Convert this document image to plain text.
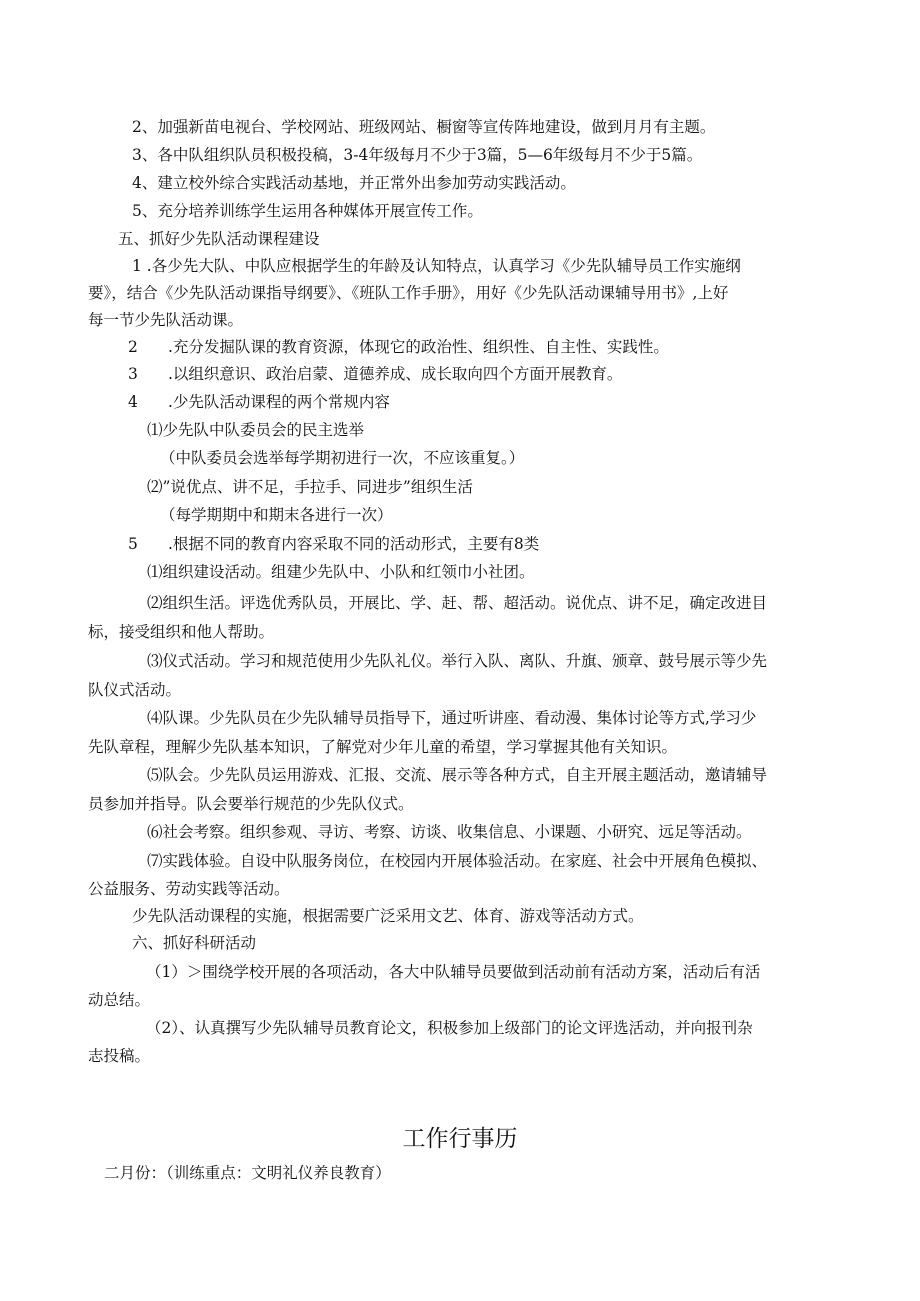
2、加强新苗电视台、学校网站、班级网站、橱窗等宣传阵地建设，做到月月有主题。

3、各中队组织队员积极投稿，3-4年级每月不少于3篇，5—6年级每月不少于5篇。

4、建立校外综合实践活动基地，并正常外出参加劳动实践活动。

5、充分培养训练学生运用各种媒体开展宣传工作。

五、抓好少先队活动课程建设

1 .各少先大队、中队应根据学生的年龄及认知特点，认真学习《少先队辅导员工作实施纲

要》，结合《少先队活动课指导纲要》、《班队工作手册》，用好《少先队活动课辅导用书》,上好

每一节少先队活动课。

2 .充分发掘队课的教育资源，体现它的政治性、组织性、自主性、实践性。

3 .以组织意识、政治启蒙、道德养成、成长取向四个方面开展教育。

4 .少先队活动课程的两个常规内容

⑴少先队中队委员会的民主选举

（中队委员会选举每学期初进行一次，不应该重复。）

⑵”说优点、讲不足，手拉手、同进步”组织生活

（每学期期中和期末各进行一次）

5 .根据不同的教育内容采取不同的活动形式，主要有8类

⑴组织建设活动。组建少先队中、小队和红领巾小社团。

⑵组织生活。评选优秀队员，开展比、学、赶、帮、超活动。说优点、讲不足，确定改进目

标，接受组织和他人帮助。

⑶仪式活动。学习和规范使用少先队礼仪。举行入队、离队、升旗、颁章、鼓号展示等少先

队仪式活动。

⑷队课。少先队员在少先队辅导员指导下，通过听讲座、看动漫、集体讨论等方式,学习少

先队章程，理解少先队基本知识，了解党对少年儿童的希望，学习掌握其他有关知识。

⑸队会。少先队员运用游戏、汇报、交流、展示等各种方式，自主开展主题活动，邀请辅导

员参加并指导。队会要举行规范的少先队仪式。

⑹社会考察。组织参观、寻访、考察、访谈、收集信息、小课题、小研究、远足等活动。

⑺实践体验。自设中队服务岗位，在校园内开展体验活动。在家庭、社会中开展角色模拟、

公益服务、劳动实践等活动。

少先队活动课程的实施，根据需要广泛采用文艺、体育、游戏等活动方式。

六、抓好科研活动

（1）＞围绕学校开展的各项活动，各大中队辅导员要做到活动前有活动方案，活动后有活

动总结。

（2）、认真撰写少先队辅导员教育论文，积极参加上级部门的论文评选活动，并向报刊杂

志投稿。

工作行事历

二月份：（训练重点：文明礼仪养良教育）
